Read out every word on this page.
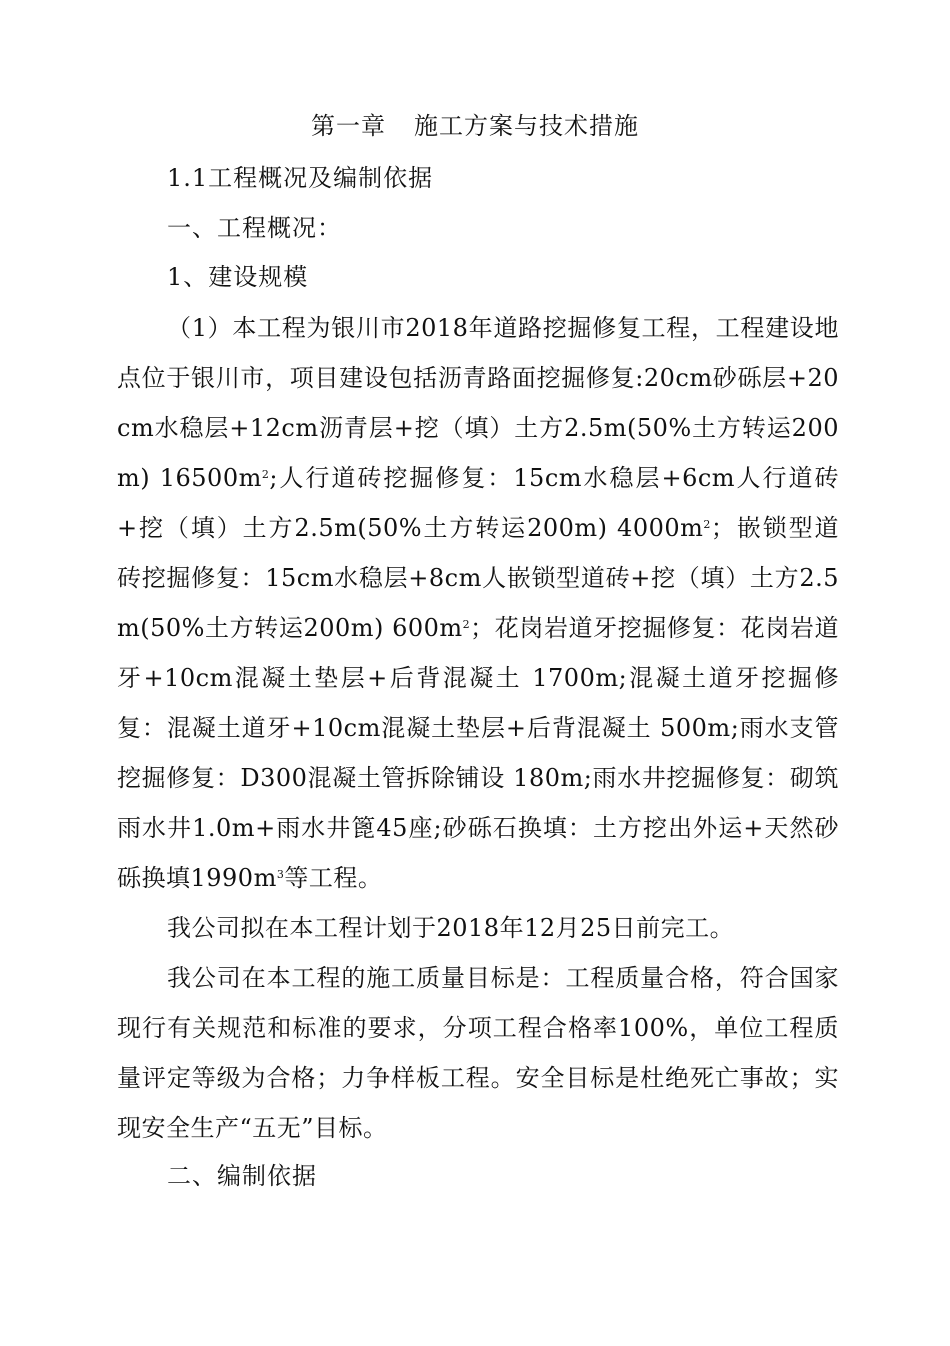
第一章 施工方案与技术措施
1.1工程概况及编制依据
一、工程概况：
1、建设规模
（1）本工程为银川市2018年道路挖掘修复工程，工程建设地点位于银川市，项目建设包括沥青路面挖掘修复:20cm砂砾层+20cm水稳层+12cm沥青层+挖（填）土方2.5m(50%土方转运200m) $16500m^2$;人行道砖挖掘修复：15cm水稳层+6cm人行道砖+挖（填）土方2.5m(50%土方转运200m) $4000m^2$；嵌锁型道砖挖掘修复：15cm水稳层+8cm人嵌锁型道砖+挖（填）土方2.5m(50%土方转运200m) $600m^2$；花岗岩道牙挖掘修复：花岗岩道牙+10cm混凝土垫层+后背混凝土 1700m;混凝土道牙挖掘修复：混凝土道牙+10cm混凝土垫层+后背混凝土 500m;雨水支管挖掘修复：D300混凝土管拆除铺设 180m;雨水井挖掘修复：砌筑雨水井1.0m+雨水井篦45座;砂砾石换填：土方挖出外运+天然砂砾换填$1990m^3$等工程。
我公司拟在本工程计划于2018年12月25日前完工。
我公司在本工程的施工质量目标是：工程质量合格，符合国家现行有关规范和标准的要求，分项工程合格率100%，单位工程质量评定等级为合格；力争样板工程。安全目标是杜绝死亡事故；实现安全生产“五无”目标。
二、编制依据
